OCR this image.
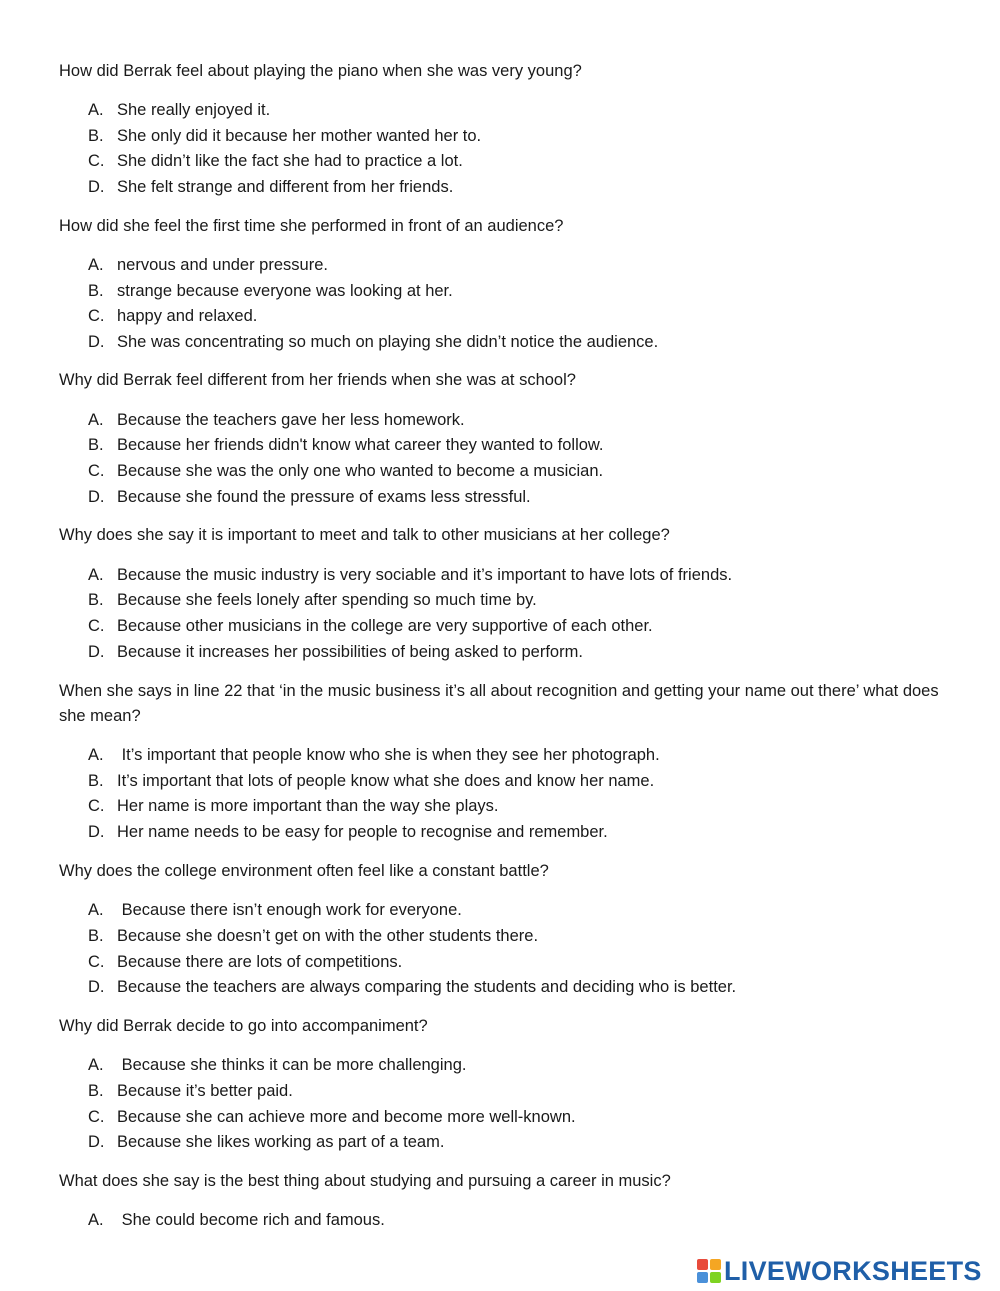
How did Berrak feel about playing the piano when she was very young?
A. She really enjoyed it.
B. She only did it because her mother wanted her to.
C. She didn’t like the fact she had to practice a lot.
D. She felt strange and different from her friends.
How did she feel the first time she performed in front of an audience?
A. nervous and under pressure.
B. strange because everyone was looking at her.
C. happy and relaxed.
D. She was concentrating so much on playing she didn’t notice the audience.
Why did Berrak feel different from her friends when she was at school?
A. Because the teachers gave her less homework.
B. Because her friends didn't know what career they wanted to follow.
C. Because she was the only one who wanted to become a musician.
D. Because she found the pressure of exams less stressful.
Why does she say it is important to meet and talk to other musicians at her college?
A. Because the music industry is very sociable and it’s important to have lots of friends.
B. Because she feels lonely after spending so much time by.
C. Because other musicians in the college are very supportive of each other.
D. Because it increases her possibilities of being asked to perform.
When she says in line 22 that ‘in the music business it’s all about recognition and getting your name out there’ what does she mean?
A. It’s important that people know who she is when they see her photograph.
B. It’s important that lots of people know what she does and know her name.
C. Her name is more important than the way she plays.
D. Her name needs to be easy for people to recognise and remember.
Why does the college environment often feel like a constant battle?
A. Because there isn’t enough work for everyone.
B. Because she doesn’t get on with the other students there.
C. Because there are lots of competitions.
D. Because the teachers are always comparing the students and deciding who is better.
Why did Berrak decide to go into accompaniment?
A. Because she thinks it can be more challenging.
B. Because it’s better paid.
C. Because she can achieve more and become more well-known.
D. Because she likes working as part of a team.
What does she say is the best thing about studying and pursuing a career in music?
A. She could become rich and famous.
LIVEWORKSHEETS
